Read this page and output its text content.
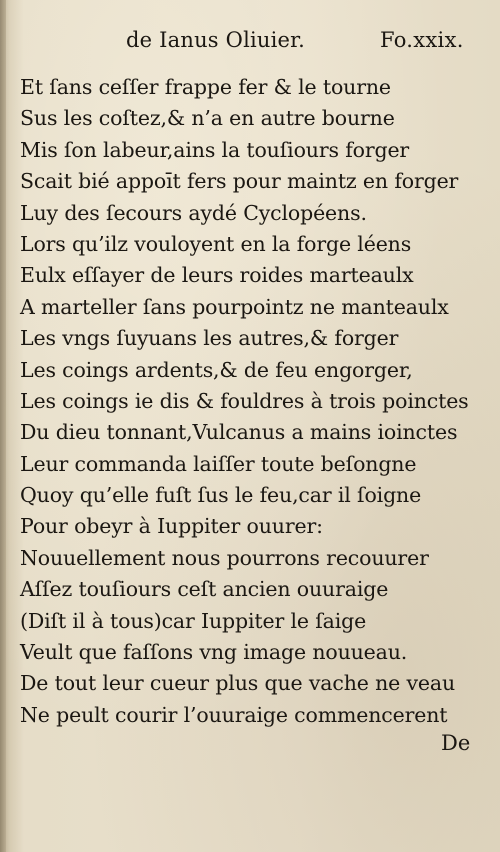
de Ianus Oliuier.	Fo.xxix.
Et ſans ceſſer frappe fer & le tourne
Sus les coſtez,& n’a en autre bourne
Mis ſon labeur,ains la touſiours forger
Scait bié appoīt fers pour maintz en forger
Luy des ſecours aydé Cyclopéens.
Lors qu’ilz vouloyent en la forge léens
Eulx eſſayer de leurs roides marteaulx
A marteller ſans pourpointz ne manteaulx
Les vngs ſuyuans les autres,& forger
Les coings ardents,& de feu engorger,
Les coings ie dis & fouldres à trois poinctes
Du dieu tonnant,Vulcanus a mains ioinctes
Leur commanda laiſſer toute beſongne
Quoy qu’elle fuſt ſus le feu,car il ſoigne
Pour obeyr à Iuppiter ouurer:
Nouuellement nous pourrons recouurer
Aſſez touſiours ceſt ancien ouuraige
(Diſt il à tous)car Iuppiter le ſaige
Veult que faſſons vng image nouueau.
De tout leur cueur plus que vache ne veau
Ne peult courir l’ouuraige commencerent
De
